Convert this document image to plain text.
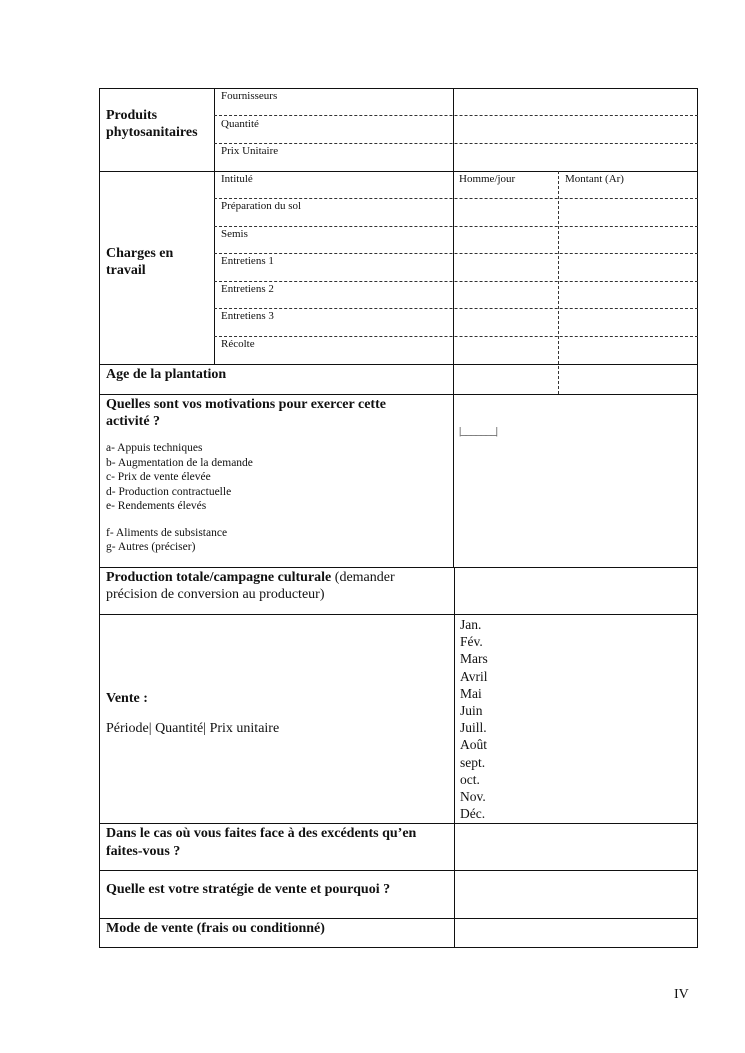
Produits
phytosanitaires
Fournisseurs
Quantité
Prix Unitaire
Charges en
travail
Intitulé	Homme/jour	Montant (Ar)
Préparation du sol
Semis
Entretiens 1
Entretiens 2
Entretiens 3
Récolte
Age de la plantation
Quelles sont vos motivations pour exercer cette
activité ?
a- Appuis techniques
b- Augmentation de la demande
c- Prix de vente élevée
d- Production contractuelle
e- Rendements élevés
f- Aliments de subsistance
g- Autres (préciser)
|_______|
Production totale/campagne culturale (demander
précision de conversion au producteur)
Vente :
Période| Quantité| Prix unitaire
Jan.
Fév.
Mars
Avril
Mai
Juin
Juill.
Août
sept.
oct.
Nov.
Déc.
Dans le cas où vous faites face à des excédents qu’en
faites-vous ?
Quelle est votre stratégie de vente et pourquoi ?
Mode de vente (frais ou conditionné)
IV
